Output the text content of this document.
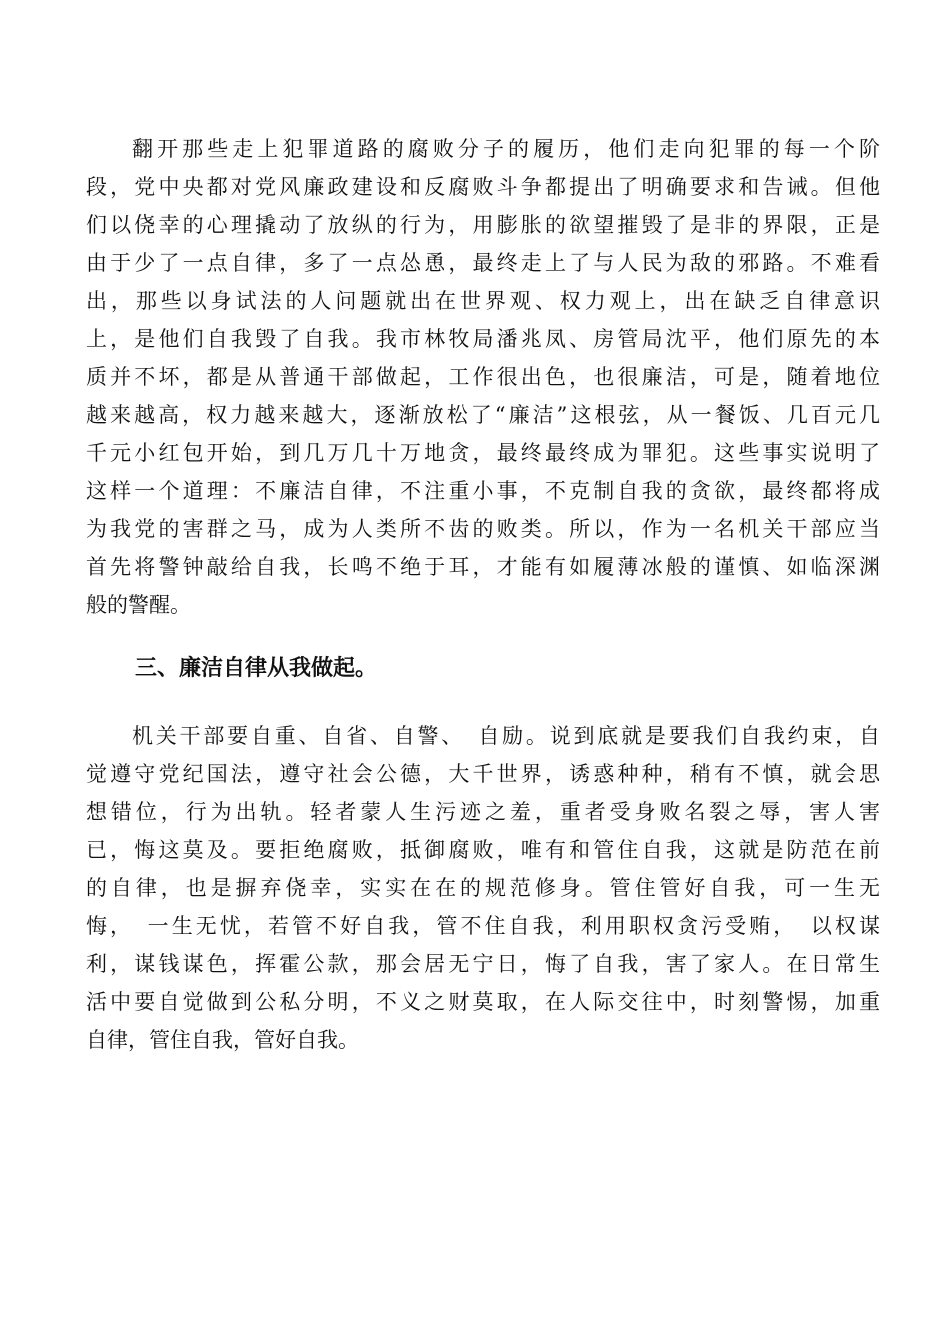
翻开那些走上犯罪道路的腐败分子的履历，他们走向犯罪的每一个阶
段，党中央都对党风廉政建设和反腐败斗争都提出了明确要求和告诫。但他
们以侥幸的心理撬动了放纵的行为，用膨胀的欲望摧毁了是非的界限，正是
由于少了一点自律，多了一点怂恿，最终走上了与人民为敌的邪路。不难看
出，那些以身试法的人问题就出在世界观、权力观上，出在缺乏自律意识
上，是他们自我毁了自我。我市林牧局潘兆凤、房管局沈平，他们原先的本
质并不坏，都是从普通干部做起，工作很出色，也很廉洁，可是，随着地位
越来越高，权力越来越大，逐渐放松了“廉洁”这根弦，从一餐饭、几百元几
千元小红包开始，到几万几十万地贪，最终最终成为罪犯。这些事实说明了
这样一个道理：不廉洁自律，不注重小事，不克制自我的贪欲，最终都将成
为我党的害群之马，成为人类所不齿的败类。所以，作为一名机关干部应当
首先将警钟敲给自我，长鸣不绝于耳，才能有如履薄冰般的谨慎、如临深渊
般的警醒。
三、廉洁自律从我做起。
机关干部要自重、自省、自警、　自励。说到底就是要我们自我约束，自
觉遵守党纪国法，遵守社会公德，大千世界，诱惑种种，稍有不慎，就会思
想错位，行为出轨。轻者蒙人生污迹之羞，重者受身败名裂之辱，害人害
已，悔这莫及。要拒绝腐败，抵御腐败，唯有和管住自我，这就是防范在前
的自律，也是摒弃侥幸，实实在在的规范修身。管住管好自我，可一生无
悔，　一生无忧，若管不好自我，管不住自我，利用职权贪污受贿，　以权谋
利，谋钱谋色，挥霍公款，那会居无宁日，悔了自我，害了家人。在日常生
活中要自觉做到公私分明，不义之财莫取，在人际交往中，时刻警惕，加重
自律，管住自我，管好自我。
